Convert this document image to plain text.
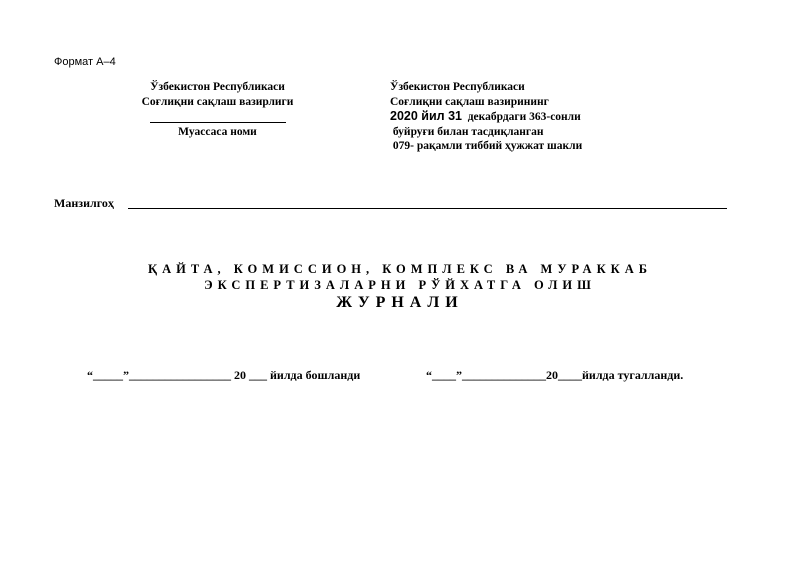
Формат А–4
Ўзбекистон Республикаси
Соғлиқни сақлаш вазирлиги
Муассаса номи
Ўзбекистон Республикаси
Соғлиқни сақлаш вазирининг
2020 йил 31  декабрдаги 363-сонли
буйруғи билан тасдиқланган
079- рақамли тиббий ҳужжат шакли
Манзилгоҳ
ҚАЙТА, КОМИССИОН, КОМПЛЕКС ВА МУРАККАБ
ЭКСПЕРТИЗАЛАРНИ РЎЙХАТГА ОЛИШ
ЖУРНАЛИ
“_____”_________________ 20 ___ йилда бошланди	“____”______________20____йилда тугалланди.
